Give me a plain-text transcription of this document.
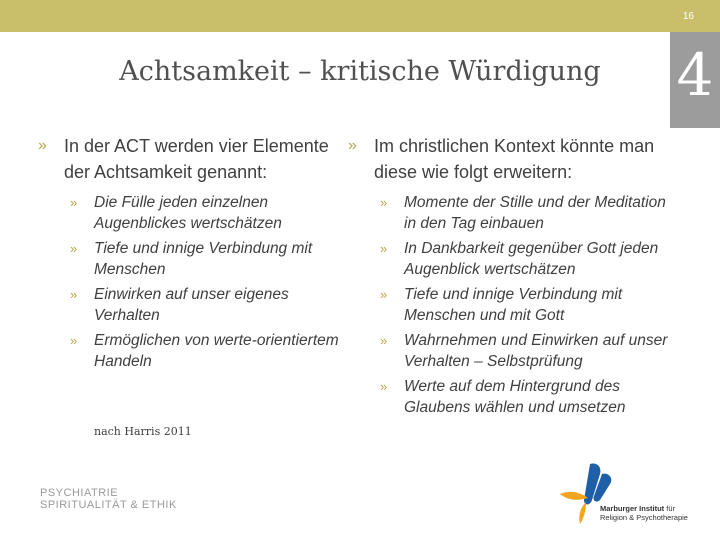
16
4
Achtsamkeit – kritische Würdigung
» In der ACT werden vier Elemente der Achtsamkeit genannt:
»	Die Fülle jeden einzelnen Augenblickes wertschätzen
»	Tiefe und innige Verbindung mit Menschen
»	Einwirken auf unser eigenes Verhalten
»	Ermöglichen von werte-orientiertem Handeln
nach Harris 2011
» Im christlichen Kontext könnte man diese wie folgt erweitern:
»	Momente der Stille und der Meditation in den Tag einbauen
»	In Dankbarkeit gegenüber Gott jeden Augenblick wertschätzen
»	Tiefe und innige Verbindung mit Menschen und mit Gott
»	Wahrnehmen und Einwirken auf unser Verhalten – Selbstprüfung
»	Werte auf dem Hintergrund des Glaubens wählen und umsetzen
PSYCHIATRIE
SPIRITUALITÄT & ETHIK	Marburger Institut für
Religion & Psychotherapie
